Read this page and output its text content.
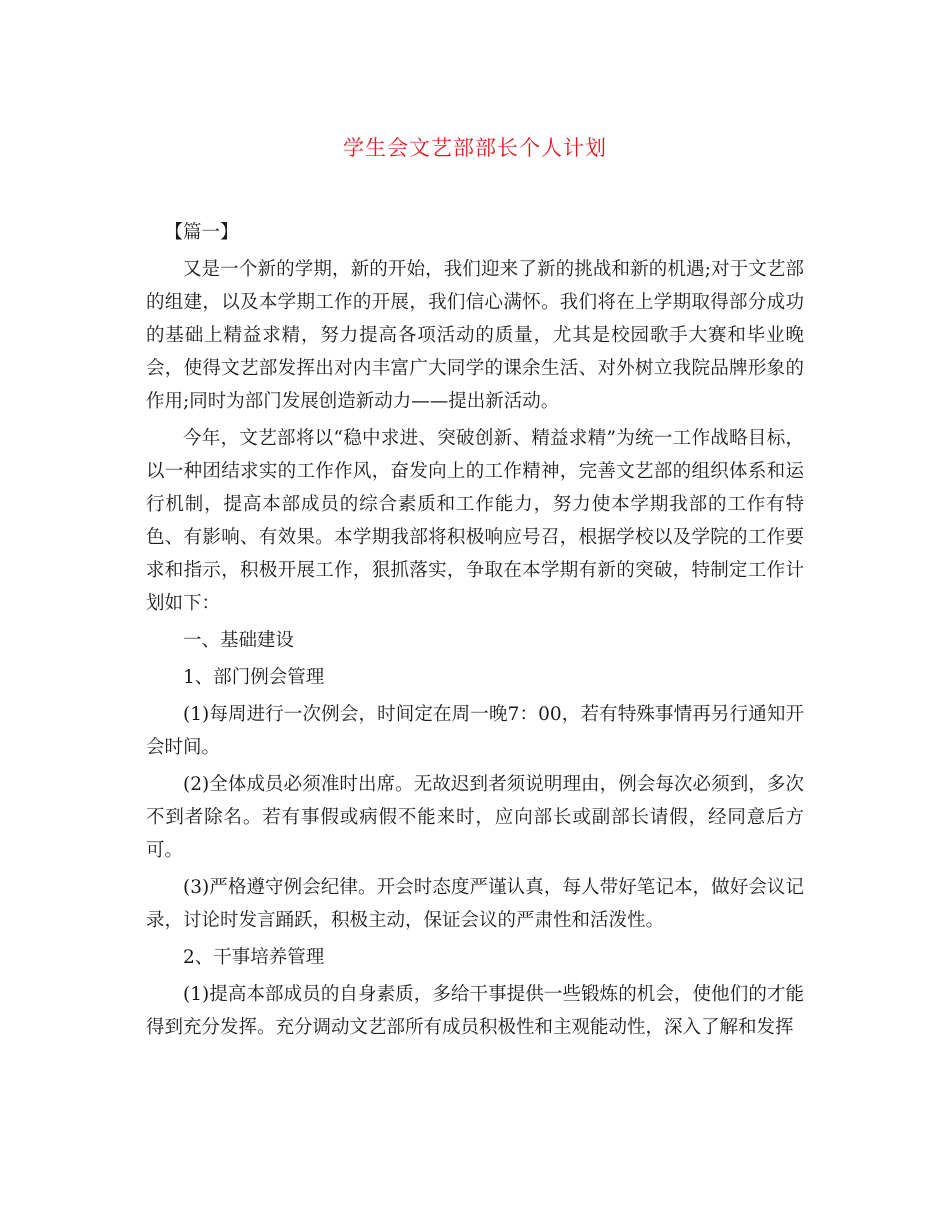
学生会文艺部部长个人计划

【篇一】

又是一个新的学期，新的开始，我们迎来了新的挑战和新的机遇;对于文艺部的组建，以及本学期工作的开展，我们信心满怀。我们将在上学期取得部分成功的基础上精益求精，努力提高各项活动的质量，尤其是校园歌手大赛和毕业晚会，使得文艺部发挥出对内丰富广大同学的课余生活、对外树立我院品牌形象的作用;同时为部门发展创造新动力——提出新活动。

今年，文艺部将以“稳中求进、突破创新、精益求精”为统一工作战略目标，以一种团结求实的工作作风，奋发向上的工作精神，完善文艺部的组织体系和运行机制，提高本部成员的综合素质和工作能力，努力使本学期我部的工作有特色、有影响、有效果。本学期我部将积极响应号召，根据学校以及学院的工作要求和指示，积极开展工作，狠抓落实，争取在本学期有新的突破，特制定工作计划如下：

一、基础建设

1、部门例会管理

(1)每周进行一次例会，时间定在周一晚7：00，若有特殊事情再另行通知开会时间。

(2)全体成员必须准时出席。无故迟到者须说明理由，例会每次必须到，多次不到者除名。若有事假或病假不能来时，应向部长或副部长请假，经同意后方可。

(3)严格遵守例会纪律。开会时态度严谨认真，每人带好笔记本，做好会议记录，讨论时发言踊跃，积极主动，保证会议的严肃性和活泼性。

2、干事培养管理

(1)提高本部成员的自身素质，多给干事提供一些锻炼的机会，使他们的才能得到充分发挥。充分调动文艺部所有成员积极性和主观能动性，深入了解和发挥
